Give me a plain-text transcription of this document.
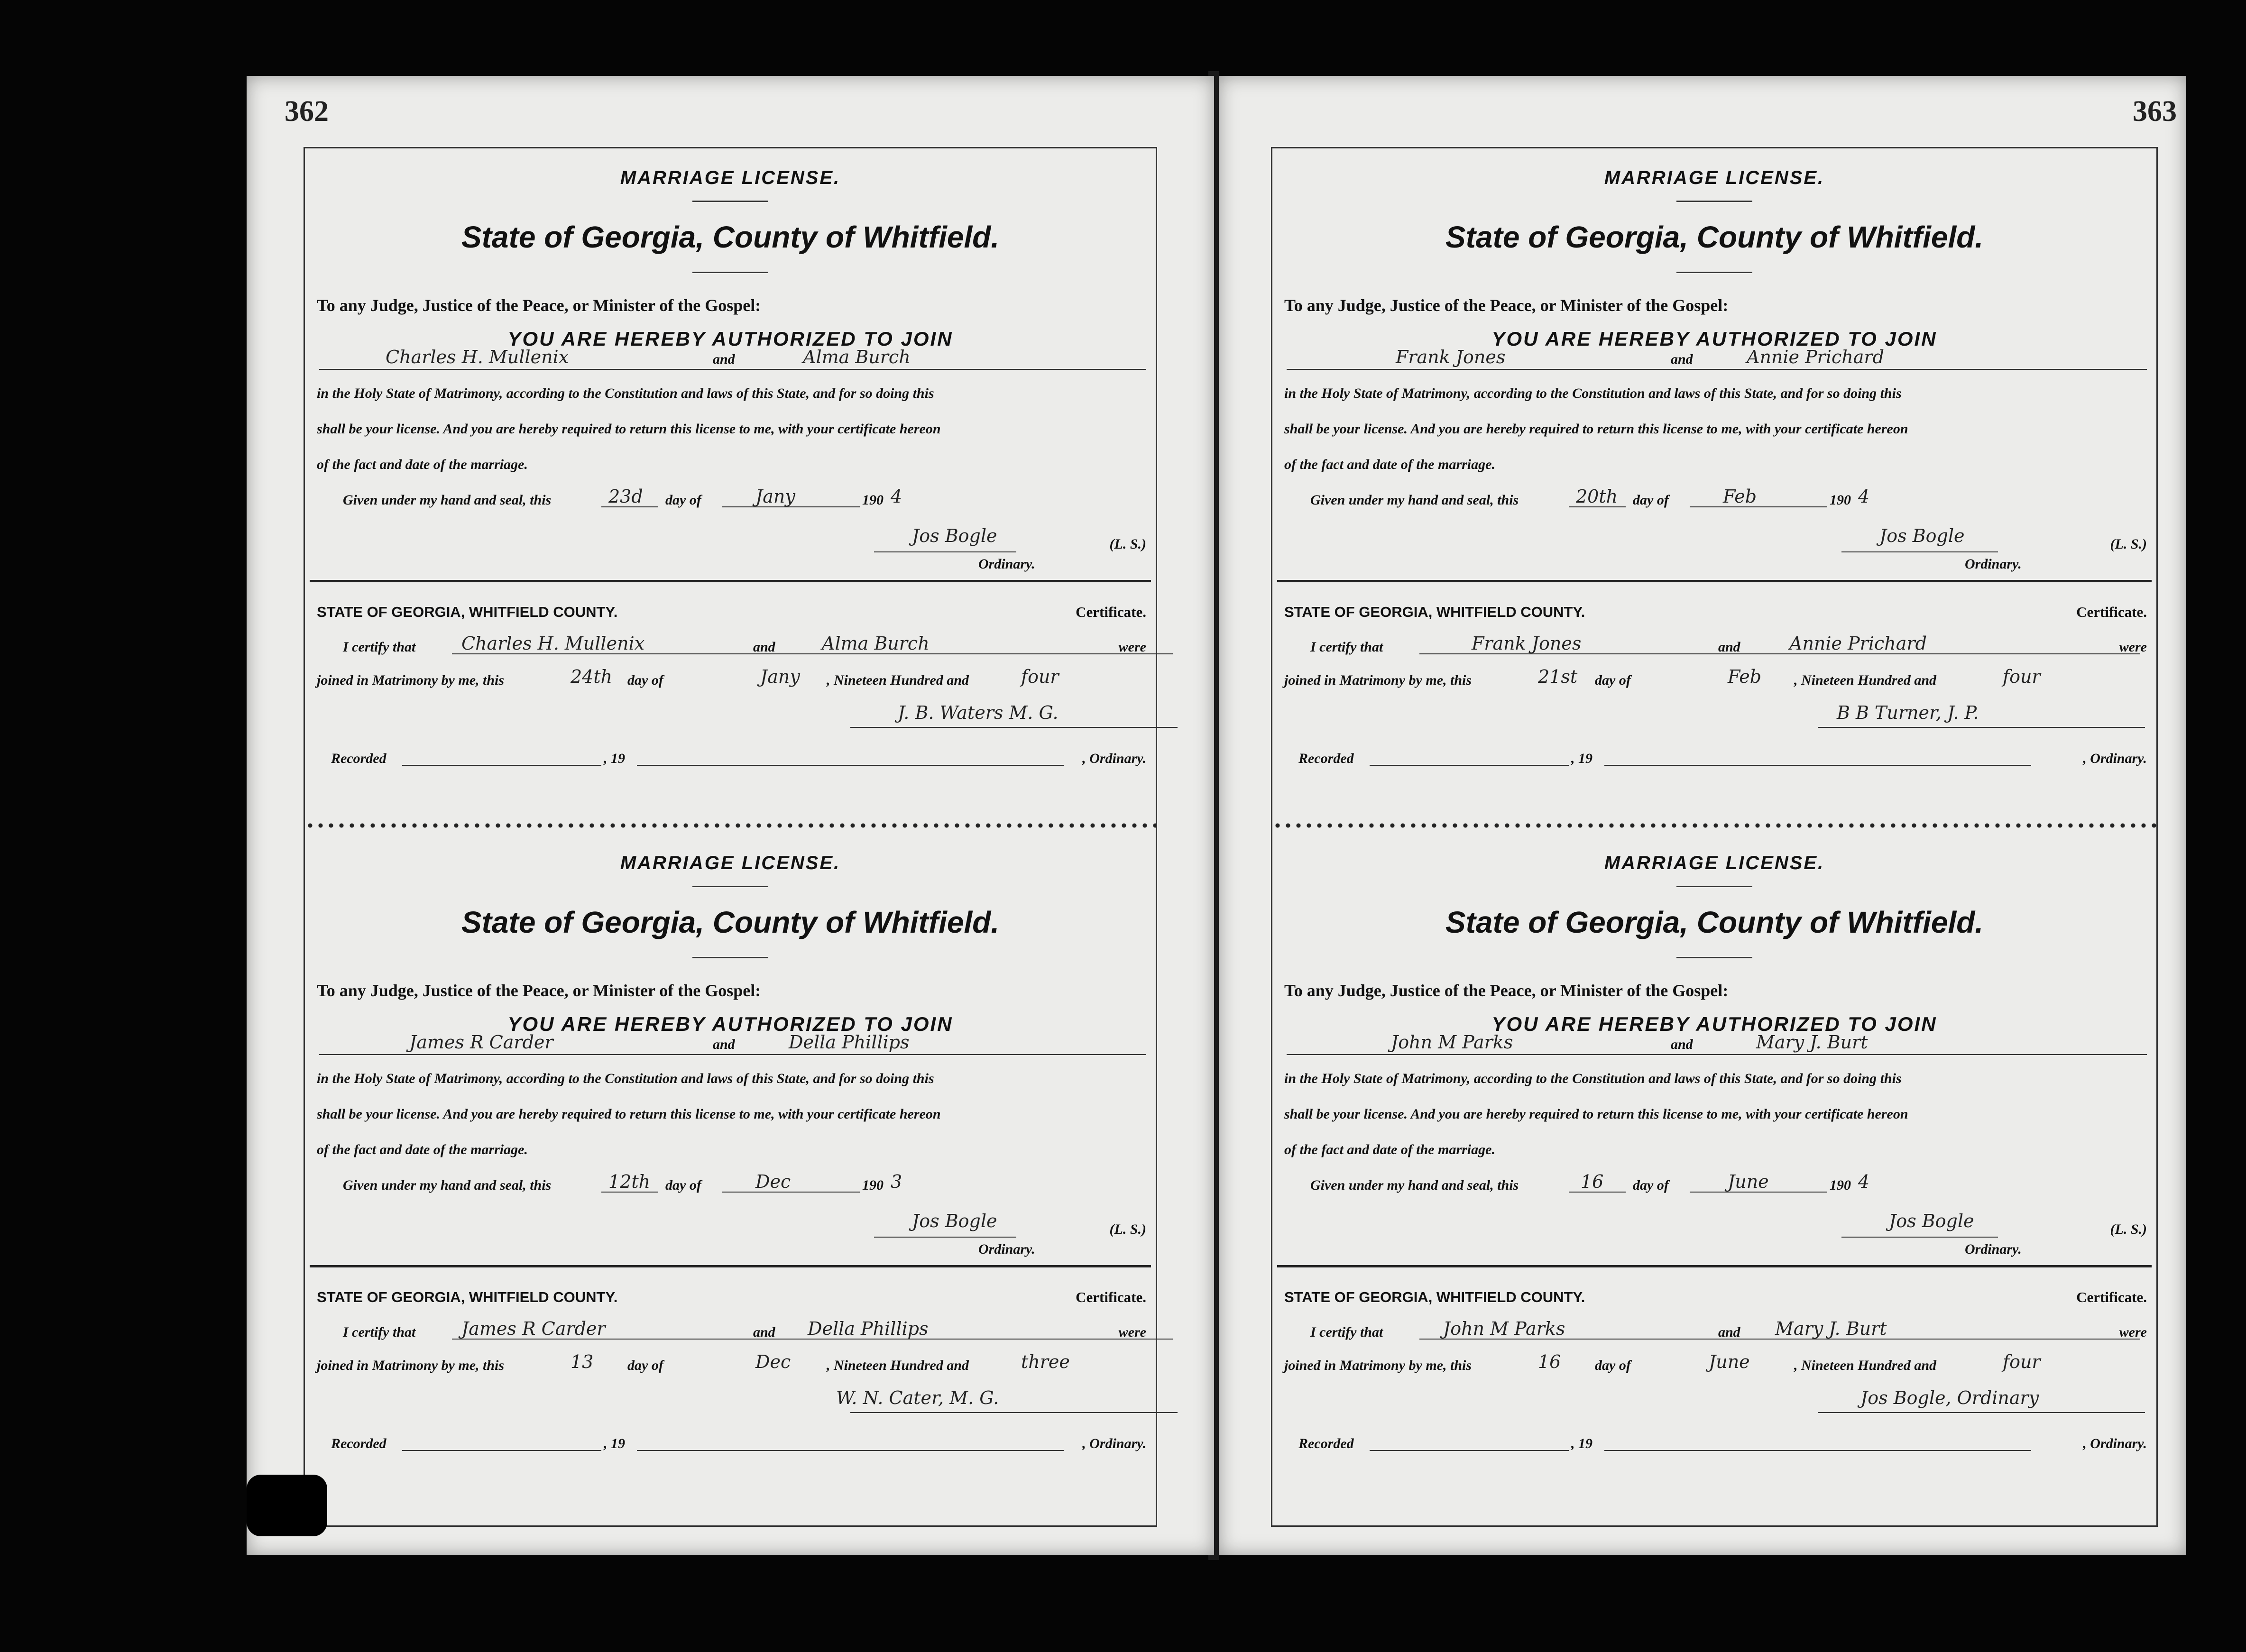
362
MARRIAGE LICENSE.
State of Georgia, County of Whitfield.
To any Judge, Justice of the Peace, or Minister of the Gospel:
YOU ARE HEREBY AUTHORIZED TO JOIN
Charles H. Mullenix	and	Alma Burch
in the Holy State of Matrimony, according to the Constitution and laws of this State, and for so doing this
shall be your license. And you are hereby required to return this license to me, with your certificate hereon
of the fact and date of the marriage.
Given under my hand and seal, this	23d day of	Jany	190 4
Jos Bogle	(L. S.)
Ordinary.
STATE OF GEORGIA, WHITFIELD COUNTY.	Certificate.
I certify that	Charles H. Mullenix	and	Alma Burch	were
joined in Matrimony by me, this	24th day of	Jany , Nineteen Hundred and	four
J. B. Waters M. G.
Recorded	, 19	, Ordinary.
MARRIAGE LICENSE.
State of Georgia, County of Whitfield.
To any Judge, Justice of the Peace, or Minister of the Gospel:
YOU ARE HEREBY AUTHORIZED TO JOIN
James R Carder	and	Della Phillips
in the Holy State of Matrimony, according to the Constitution and laws of this State, and for so doing this
shall be your license. And you are hereby required to return this license to me, with your certificate hereon
of the fact and date of the marriage.
Given under my hand and seal, this	12th day of	Dec	190 3
Jos Bogle	(L. S.)
Ordinary.
STATE OF GEORGIA, WHITFIELD COUNTY.	Certificate.
I certify that	James R Carder	and Della Phillips	were
joined in Matrimony by me, this	13 day of	Dec	, Nineteen Hundred and	three
W. N. Cater, M. G.
Recorded	, 19	, Ordinary.
363
MARRIAGE LICENSE.
State of Georgia, County of Whitfield.
To any Judge, Justice of the Peace, or Minister of the Gospel:
YOU ARE HEREBY AUTHORIZED TO JOIN
Frank Jones	and	Annie Prichard
in the Holy State of Matrimony, according to the Constitution and laws of this State, and for so doing this
shall be your license. And you are hereby required to return this license to me, with your certificate hereon
of the fact and date of the marriage.
Given under my hand and seal, this	20th day of	Feb	190 4
Jos Bogle	(L. S.)
Ordinary.
STATE OF GEORGIA, WHITFIELD COUNTY.	Certificate.
I certify that	Frank Jones	and	Annie Prichard	were
joined in Matrimony by me, this	21st day of	Feb , Nineteen Hundred and	four
B B Turner, J. P.
Recorded	, 19	, Ordinary.
MARRIAGE LICENSE.
State of Georgia, County of Whitfield.
To any Judge, Justice of the Peace, or Minister of the Gospel:
YOU ARE HEREBY AUTHORIZED TO JOIN
John M Parks	and	Mary J. Burt
in the Holy State of Matrimony, according to the Constitution and laws of this State, and for so doing this
shall be your license. And you are hereby required to return this license to me, with your certificate hereon
of the fact and date of the marriage.
Given under my hand and seal, this	16 day of	June	190 4
Jos Bogle	(L. S.)
Ordinary.
STATE OF GEORGIA, WHITFIELD COUNTY.	Certificate.
I certify that	John M Parks	and Mary J. Burt	were
joined in Matrimony by me, this	16 day of	June	, Nineteen Hundred and	four
Jos Bogle, Ordinary
Recorded	, 19	, Ordinary.
